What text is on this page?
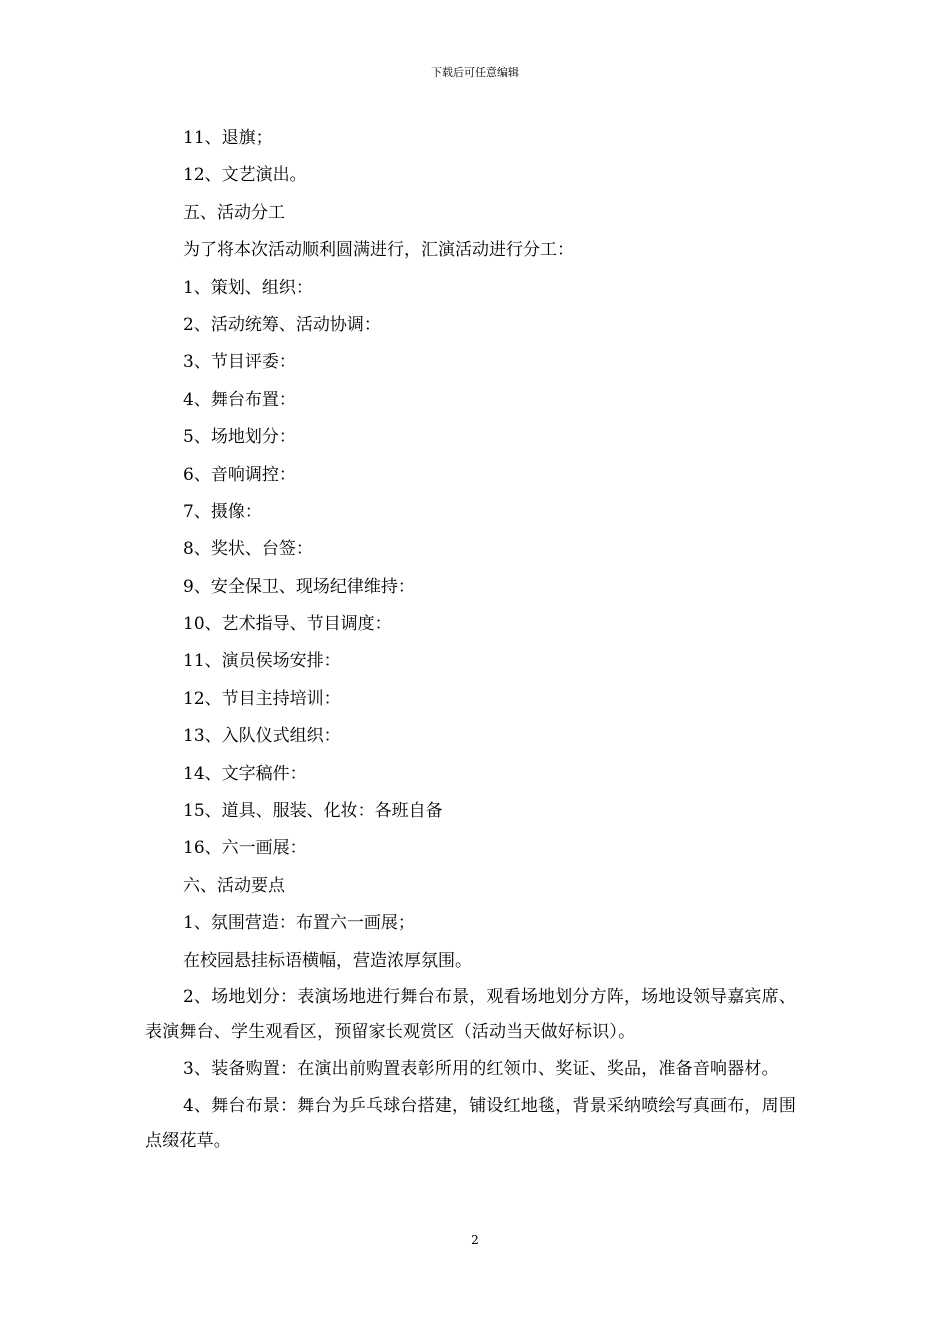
下载后可任意编辑
11、退旗；
12、文艺演出。
五、活动分工
为了将本次活动顺利圆满进行，汇演活动进行分工：
1、策划、组织：
2、活动统筹、活动协调：
3、节目评委：
4、舞台布置：
5、场地划分：
6、音响调控：
7、摄像：
8、奖状、台签：
9、安全保卫、现场纪律维持：
10、艺术指导、节目调度：
11、演员侯场安排：
12、节目主持培训：
13、入队仪式组织：
14、文字稿件：
15、道具、服装、化妆：各班自备
16、六一画展：
六、活动要点
1、氛围营造：布置六一画展；
在校园悬挂标语横幅，营造浓厚氛围。

2、场地划分：表演场地进行舞台布景，观看场地划分方阵，场地设领导嘉宾席、表演舞台、学生观看区，预留家长观赏区（活动当天做好标识）。

3、装备购置：在演出前购置表彰所用的红领巾、奖证、奖品，准备音响器材。

4、舞台布景：舞台为乒乓球台搭建，铺设红地毯，背景采纳喷绘写真画布，周围点缀花草。

2
